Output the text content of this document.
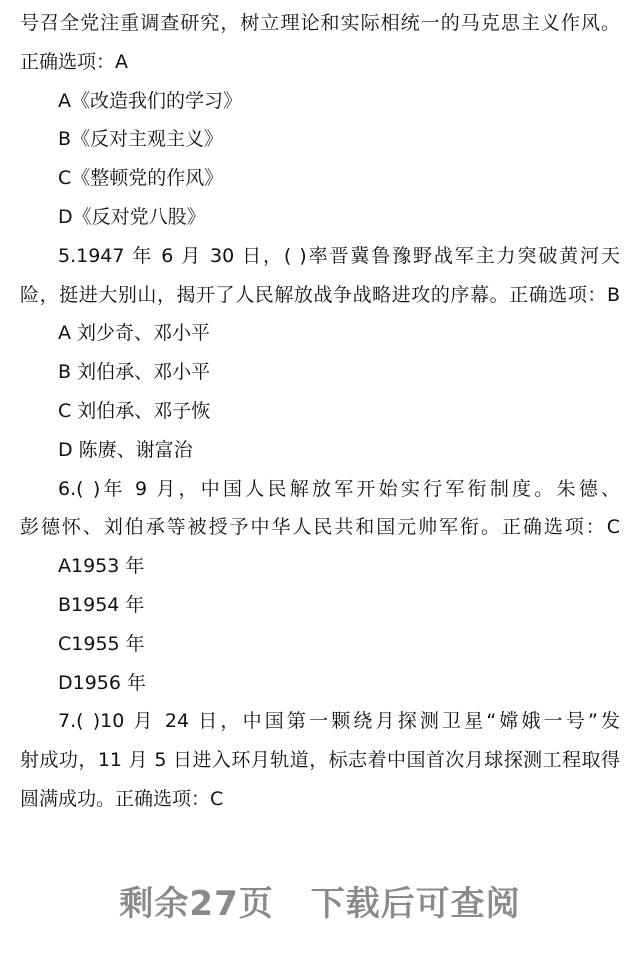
号召全党注重调查研究，树立理论和实际相统一的马克思主义作风。
正确选项：A
A《改造我们的学习》
B《反对主观主义》
C《整顿党的作风》
D《反对党八股》
5.1947 年 6 月 30 日，( )率晋冀鲁豫野战军主力突破黄河天
险，挺进大别山，揭开了人民解放战争战略进攻的序幕。正确选项：B
A 刘少奇、邓小平
B 刘伯承、邓小平
C 刘伯承、邓子恢
D 陈赓、谢富治
6.( )年 9 月，中国人民解放军开始实行军衔制度。朱德、
彭德怀、刘伯承等被授予中华人民共和国元帅军衔。正确选项：C
A1953 年
B1954 年
C1955 年
D1956 年
7.( )10 月 24 日，中国第一颗绕月探测卫星“嫦娥一号”发
射成功，11 月 5 日进入环月轨道，标志着中国首次月球探测工程取得
圆满成功。正确选项：C
剩余27页 下载后可查阅
